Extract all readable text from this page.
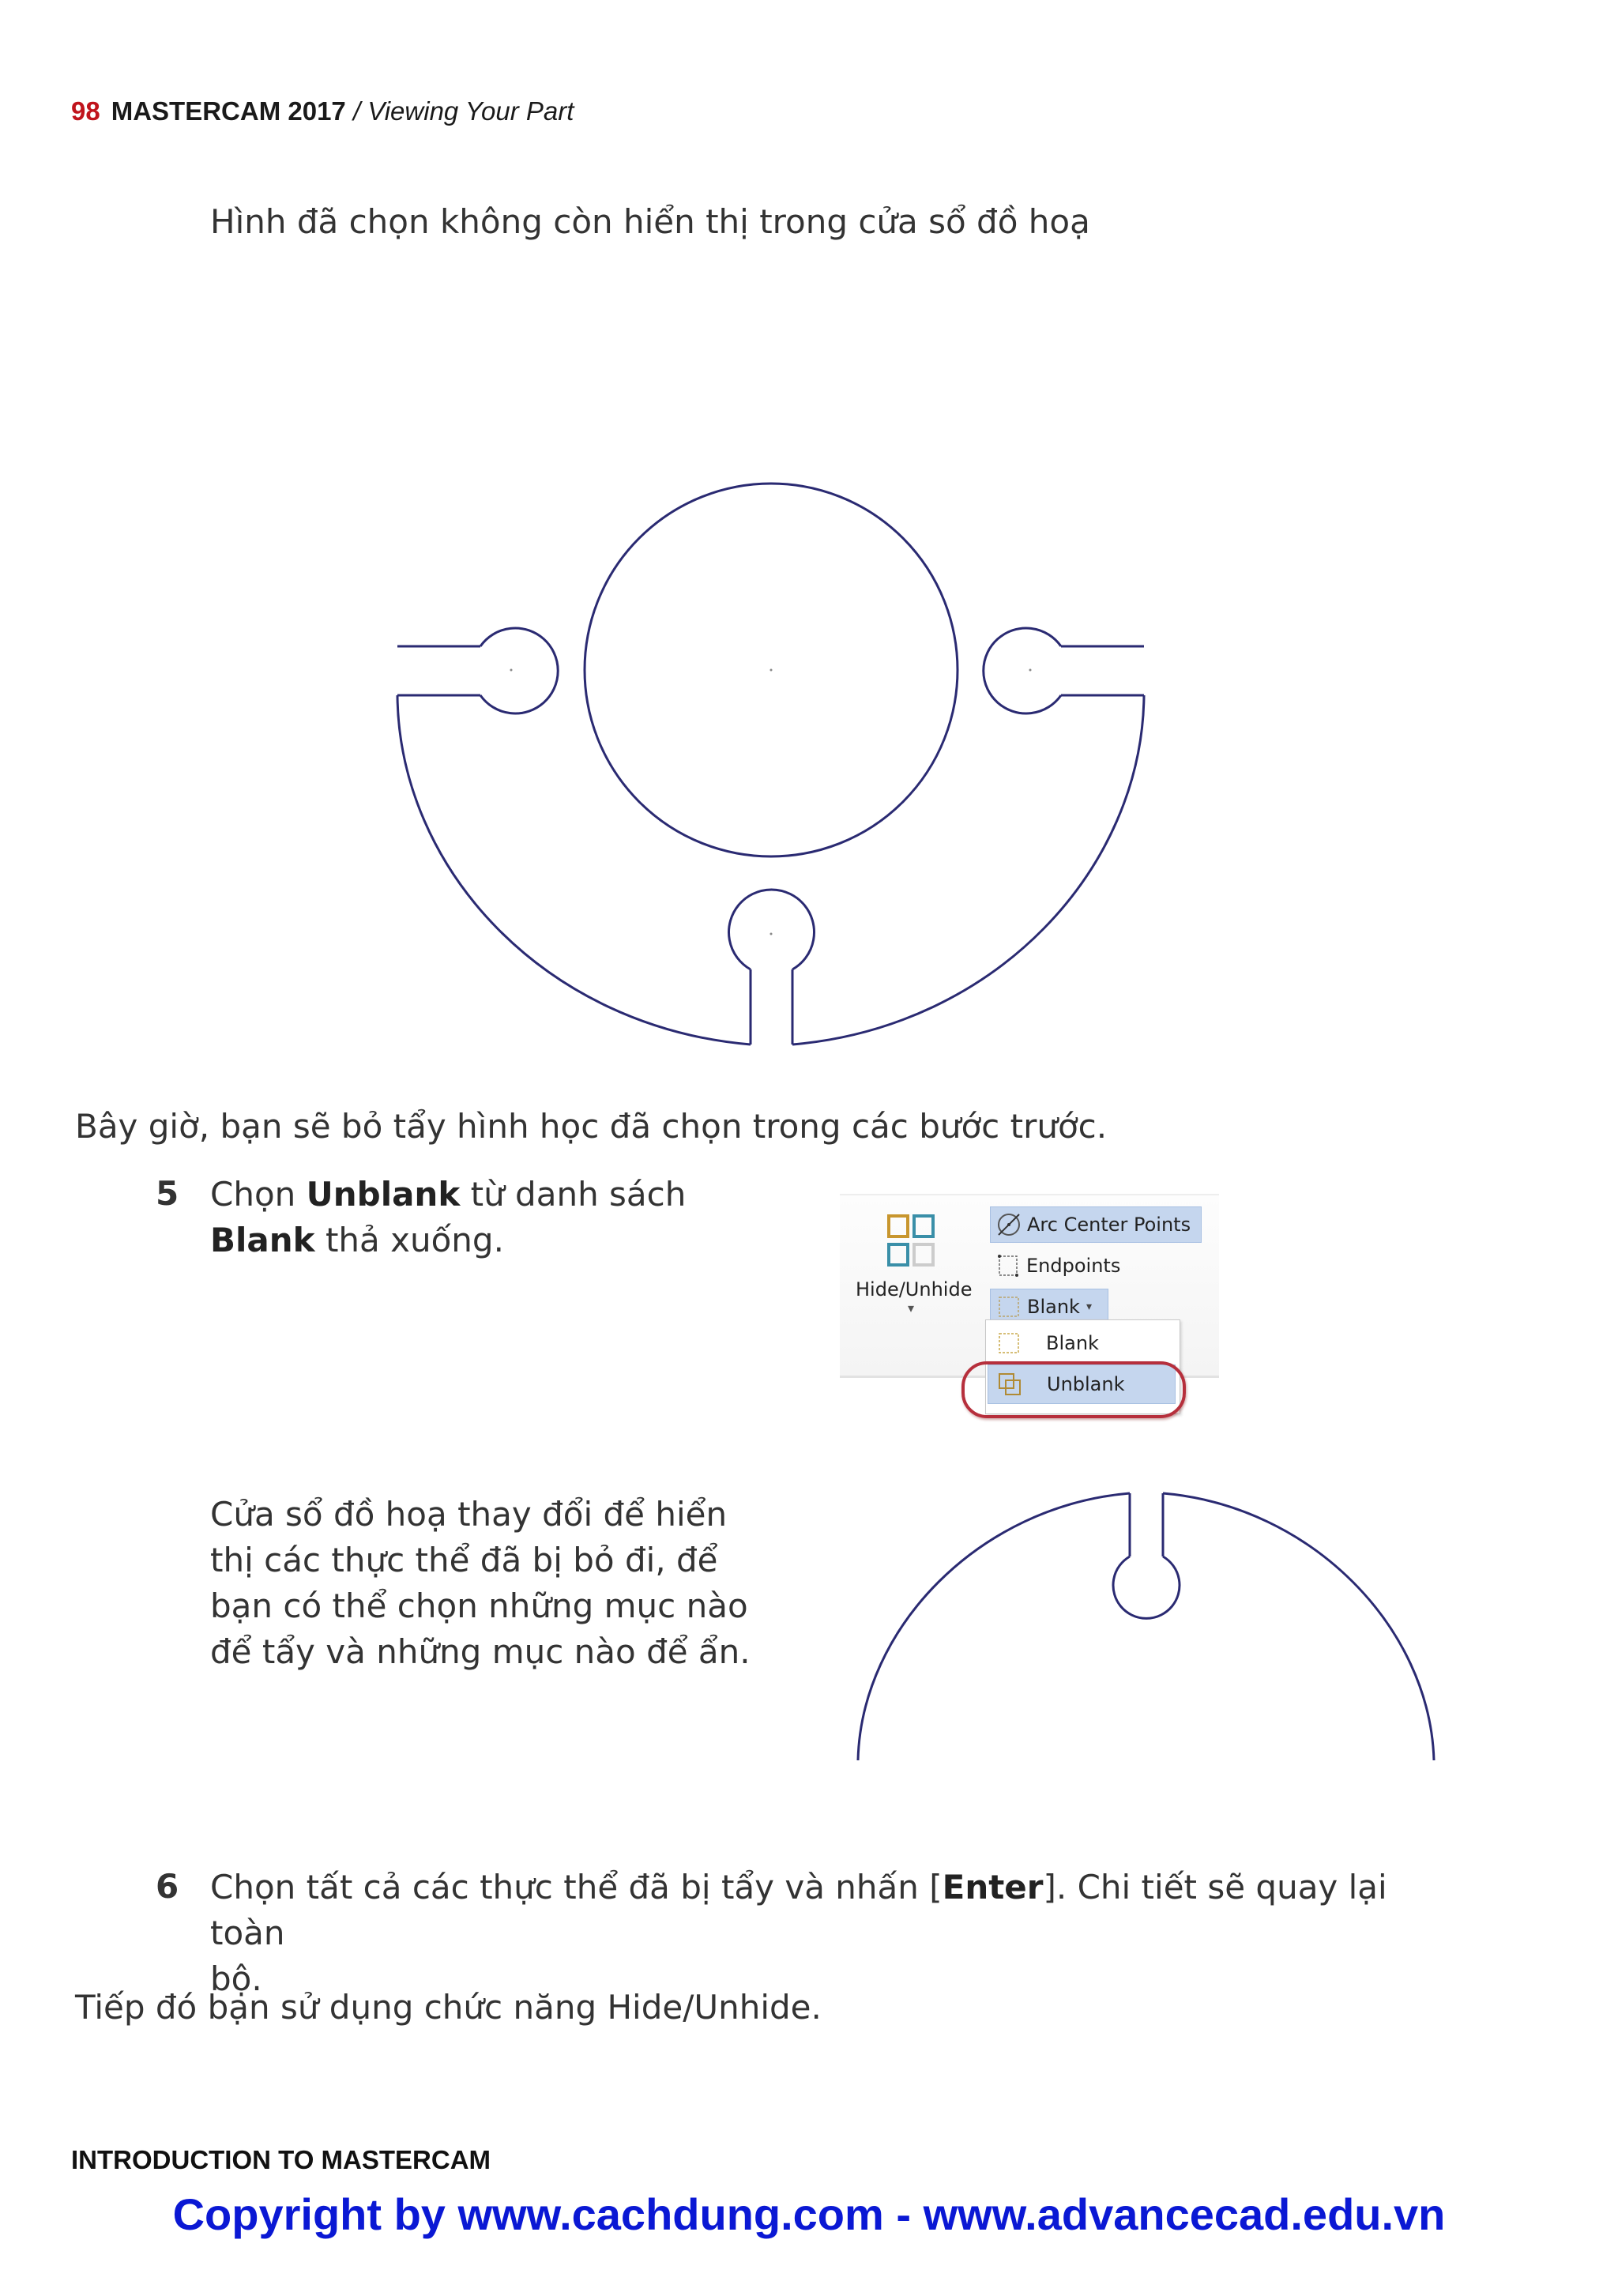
98 MASTERCAM 2017 / Viewing Your Part
Hình đã chọn không còn hiển thị trong cửa sổ đồ hoạ
Bây giờ, bạn sẽ bỏ tẩy hình học đã chọn trong các bước trước.
5 Chọn Unblank từ danh sách
Blank thả xuống.
Hide/Unhide
▾
Arc Center Points
Endpoints
Blank ▾
Blank
Unblank
Cửa sổ đồ hoạ thay đổi để hiển
thị các thực thể đã bị bỏ đi, để
bạn có thể chọn những mục nào
để tẩy và những mục nào để ẩn.
6 Chọn tất cả các thực thể đã bị tẩy và nhấn [Enter]. Chi tiết sẽ quay lại toàn
bộ.
Tiếp đó bạn sử dụng chức năng Hide/Unhide.
INTRODUCTION TO MASTERCAM
Copyright by www.cachdung.com - www.advancecad.edu.vn
